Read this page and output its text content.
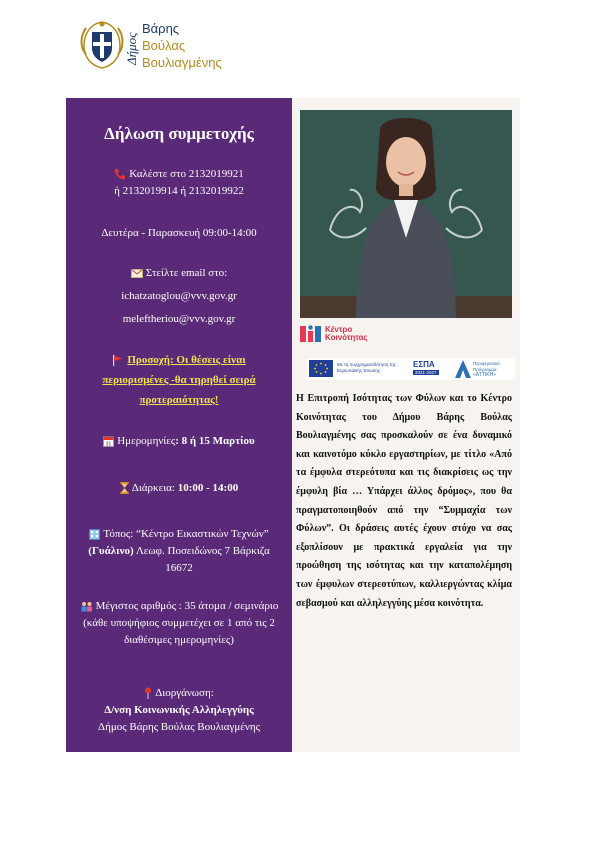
Δήμος
Βάρης
Βούλας
Βουλιαγμένης
Δήλωση συμμετοχής
Καλέστε στο 2132019921
ή 2132019914 ή 2132019922
Δευτέρα - Παρασκευή 09:00-14:00
Στείλτε email στο:
ichatzatoglou@vvv.gov.gr
meleftheriou@vvv.gov.gr
Προσοχή: Οι θέσεις είναι
περιορισμένες -θα τηρηθεί σειρά
προτεραιότητας!
31 Ημερομηνίες: 8 ή 15 Μαρτίου
Διάρκεια: 10:00 - 14:00
Τόπος: “Κέντρο Εικαστικών Τεχνών”
(Γυάλινο) Λεωφ. Ποσειδώνος 7 Βάρκιζα
16672
Μέγιστος αριθμός : 35 άτομα / σεμινάριο
(κάθε υποψήφιος συμμετέχει σε 1 από τις 2
διαθέσιμες ημερομηνίες)
Διοργάνωση:
Δ/νση Κοινωνικής Αλληλεγγύης
Δήμος Βάρης Βούλας Βουλιαγμένης
Κέντρο Κοινότητας
Με τη συγχρηματοδότηση της Ευρωπαϊκής Ένωσης
ΕΣΠΑ
2021-2027
Περιφερειακό Πρόγραμμα
«ΑΤΤΙΚΗ»
Η Επιτροπή Ισότητας των Φύλων και το Κέντρο Κοινότητας του Δήμου Βάρης Βούλας Βουλιαγμένης σας προσκαλούν σε ένα δυναμικό και καινοτόμο κύκλο εργαστηρίων, με τίτλο «Από τα έμφυλα στερεότυπα και τις διακρίσεις ως την έμφυλη βία … Υπάρχει άλλος δρόμος», που θα πραγματοποιηθούν από την “Συμμαχία των Φύλων”. Οι δράσεις αυτές έχουν στόχο να σας εξοπλίσουν με πρακτικά εργαλεία για την προώθηση της ισότητας και την καταπολέμηση των έμφυλων στερεοτύπων, καλλιεργώντας κλίμα σεβασμού και αλληλεγγύης μέσα κοινότητα.
